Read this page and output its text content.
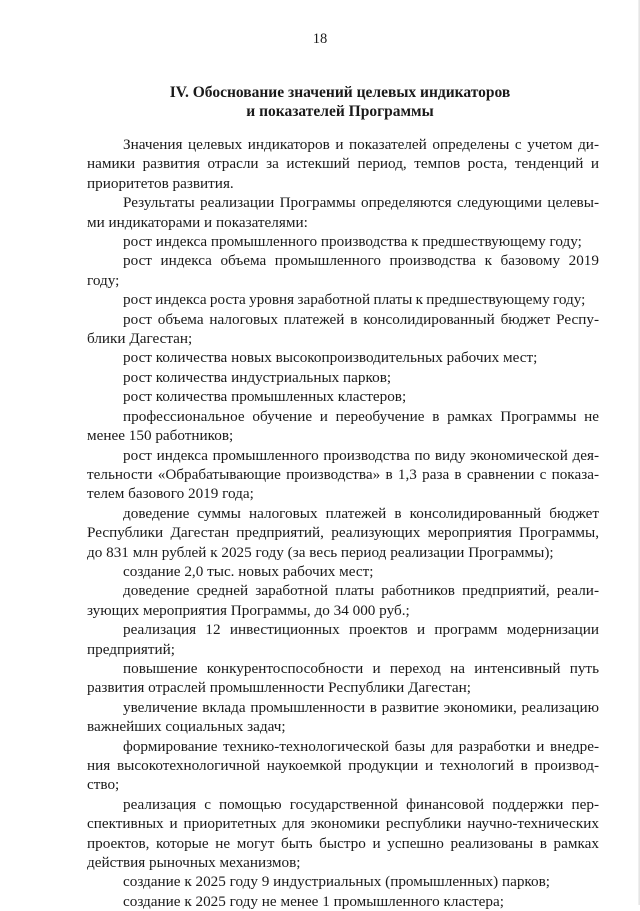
18
IV. Обоснование значений целевых индикаторов
и показателей Программы

Значения целевых индикаторов и показателей определены с учетом динамики развития отрасли за истекший период, темпов роста, тенденций и приоритетов развития.

Результаты реализации Программы определяются следующими целевыми индикаторами и показателями:

рост индекса промышленного производства к предшествующему году;

рост индекса объема промышленного производства к базовому 2019 году;

рост индекса роста уровня заработной платы к предшествующему году;

рост объема налоговых платежей в консолидированный бюджет Республики Дагестан;

рост количества новых высокопроизводительных рабочих мест;

рост количества индустриальных парков;

рост количества промышленных кластеров;

профессиональное обучение и переобучение в рамках Программы не менее 150 работников;

рост индекса промышленного производства по виду экономической деятельности «Обрабатывающие производства» в 1,3 раза в сравнении с показателем базового 2019 года;

доведение суммы налоговых платежей в консолидированный бюджет Республики Дагестан предприятий, реализующих мероприятия Программы, до 831 млн рублей к 2025 году (за весь период реализации Программы);

создание 2,0 тыс. новых рабочих мест;

доведение средней заработной платы работников предприятий, реализующих мероприятия Программы, до 34 000 руб.;

реализация 12 инвестиционных проектов и программ модернизации предприятий;

повышение конкурентоспособности и переход на интенсивный путь развития отраслей промышленности Республики Дагестан;

увеличение вклада промышленности в развитие экономики, реализацию важнейших социальных задач;

формирование технико-технологической базы для разработки и внедрения высокотехнологичной наукоемкой продукции и технологий в производство;

реализация с помощью государственной финансовой поддержки перспективных и приоритетных для экономики республики научно-технических проектов, которые не могут быть быстро и успешно реализованы в рамках действия рыночных механизмов;

создание к 2025 году 9 индустриальных (промышленных) парков;

создание к 2025 году не менее 1 промышленного кластера;
